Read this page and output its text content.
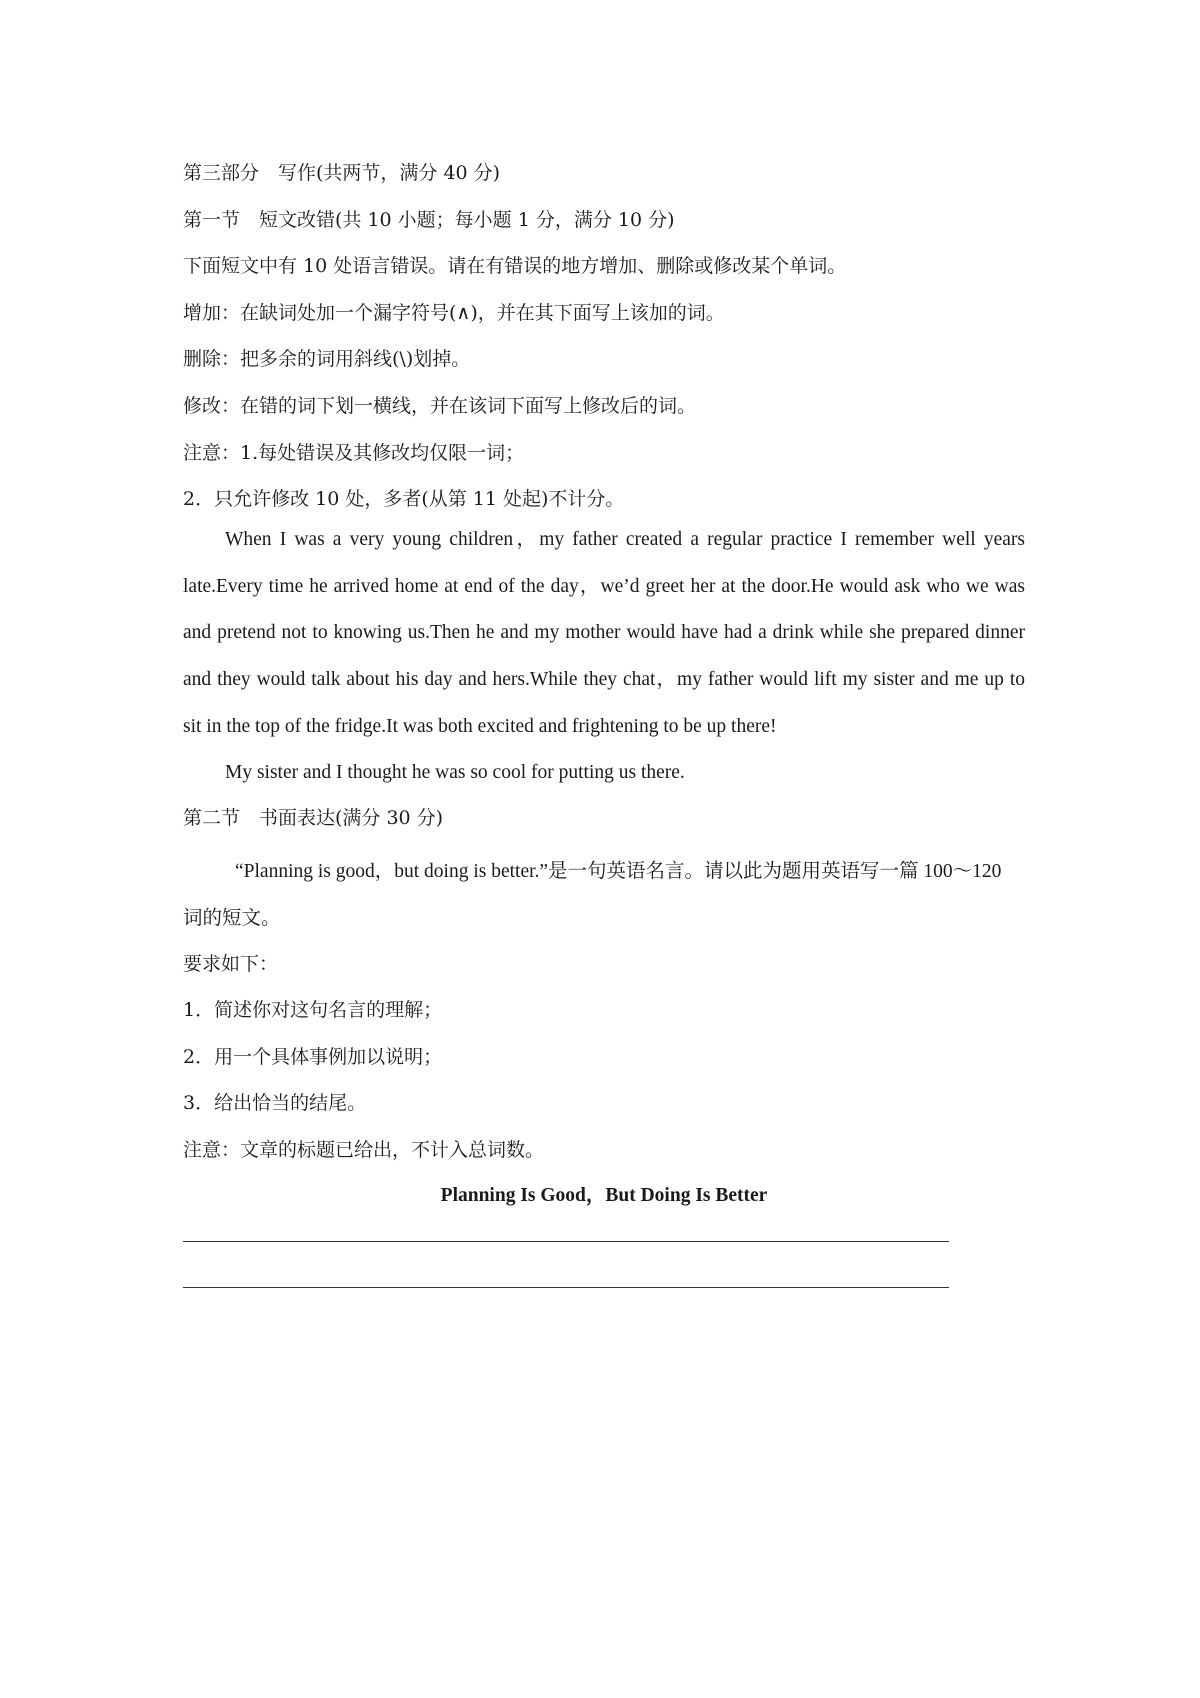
第三部分　写作(共两节，满分 40 分)
第一节　短文改错(共 10 小题；每小题 1 分，满分 10 分)
下面短文中有 10 处语言错误。请在有错误的地方增加、删除或修改某个单词。
增加：在缺词处加一个漏字符号(∧)，并在其下面写上该加的词。
删除：把多余的词用斜线(\)划掉。
修改：在错的词下划一横线，并在该词下面写上修改后的词。
注意：1.每处错误及其修改均仅限一词；
2．只允许修改 10 处，多者(从第 11 处起)不计分。

When I was a very young children，my father created a regular practice I remember well years late.Every time he arrived home at end of the day，we’d greet her at the door.He would ask who we was and pretend not to knowing us.Then he and my mother would have had a drink while she prepared dinner and they would talk about his day and hers.While they chat，my father would lift my sister and me up to sit in the top of the fridge.It was both excited and frightening to be up there!

My sister and I thought he was so cool for putting us there.

第二节　书面表达(满分 30 分)

“Planning is good，but doing is better.”是一句英语名言。请以此为题用英语写一篇 100～120 词的短文。

要求如下：
1．简述你对这句名言的理解；
2．用一个具体事例加以说明；
3．给出恰当的结尾。
注意：文章的标题已给出，不计入总词数。
Planning Is Good，But Doing Is Better
